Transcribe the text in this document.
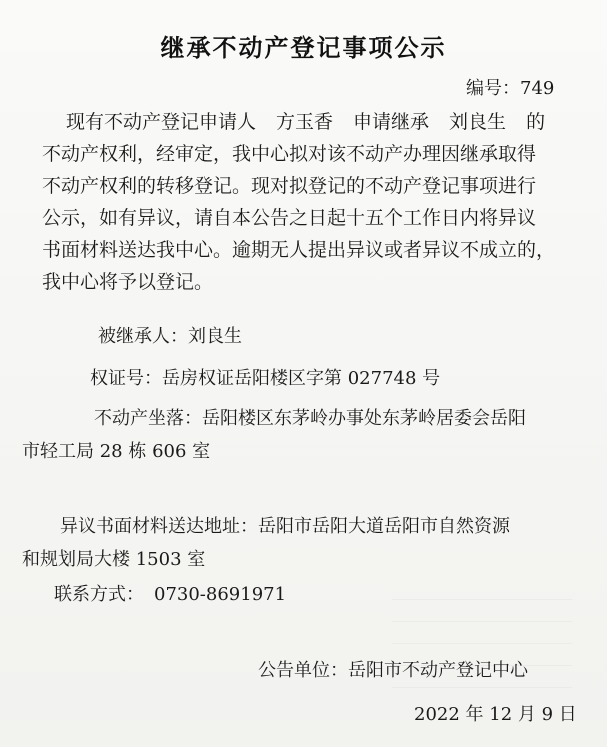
继承不动产登记事项公示
编号：749
现有不动产登记申请人 方玉香 申请继承 刘良生 的
不动产权利，经审定，我中心拟对该不动产办理因继承取得
不动产权利的转移登记。现对拟登记的不动产登记事项进行
公示，如有异议，请自本公告之日起十五个工作日内将异议
书面材料送达我中心。逾期无人提出异议或者异议不成立的，
我中心将予以登记。
被继承人：刘良生
权证号：岳房权证岳阳楼区字第 027748 号
不动产坐落：岳阳楼区东茅岭办事处东茅岭居委会岳阳
市轻工局 28 栋 606 室
异议书面材料送达地址：岳阳市岳阳大道岳阳市自然资源
和规划局大楼 1503 室
联系方式： 0730-8691971
公告单位：岳阳市不动产登记中心
2022 年 12 月 9 日
